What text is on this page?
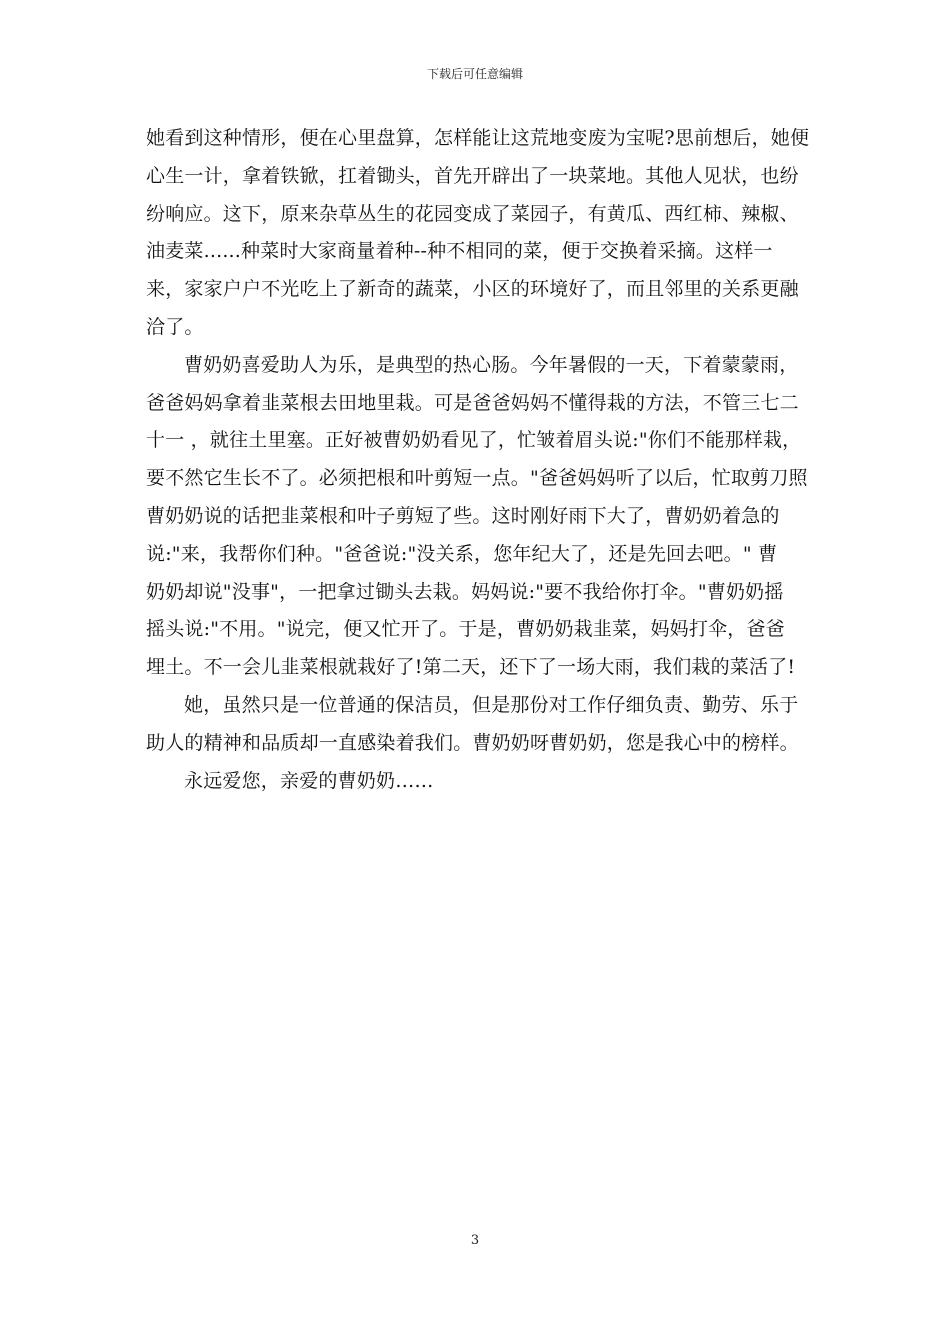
下载后可任意编辑
她看到这种情形，便在心里盘算，怎样能让这荒地变废为宝呢?思前想后，她便
心生一计，拿着铁锨，扛着锄头，首先开辟出了一块菜地。其他人见状，也纷
纷响应。这下，原来杂草丛生的花园变成了菜园子，有黄瓜、西红柿、辣椒、
油麦菜......种菜时大家商量着种--种不相同的菜，便于交换着采摘。这样一
来，家家户户不光吃上了新奇的蔬菜，小区的环境好了，而且邻里的关系更融
洽了。
曹奶奶喜爱助人为乐，是典型的热心肠。今年暑假的一天，下着蒙蒙雨，
爸爸妈妈拿着韭菜根去田地里栽。可是爸爸妈妈不懂得栽的方法，不管三七二
十一 ，就往土里塞。正好被曹奶奶看见了，忙皱着眉头说:"你们不能那样栽，
要不然它生长不了。必须把根和叶剪短一点。"爸爸妈妈听了以后，忙取剪刀照
曹奶奶说的话把韭菜根和叶子剪短了些。这时刚好雨下大了，曹奶奶着急的
说:"来，我帮你们种。"爸爸说:"没关系，您年纪大了，还是先回去吧。" 曹
奶奶却说"没事"，一把拿过锄头去栽。妈妈说:"要不我给你打伞。"曹奶奶摇
摇头说:"不用。"说完，便又忙开了。于是，曹奶奶栽韭菜，妈妈打伞，爸爸
埋土。不一会儿韭菜根就栽好了!第二天，还下了一场大雨，我们栽的菜活了!
她，虽然只是一位普通的保洁员，但是那份对工作仔细负责、勤劳、乐于
助人的精神和品质却一直感染着我们。曹奶奶呀曹奶奶，您是我心中的榜样。
永远爱您，亲爱的曹奶奶……
3
